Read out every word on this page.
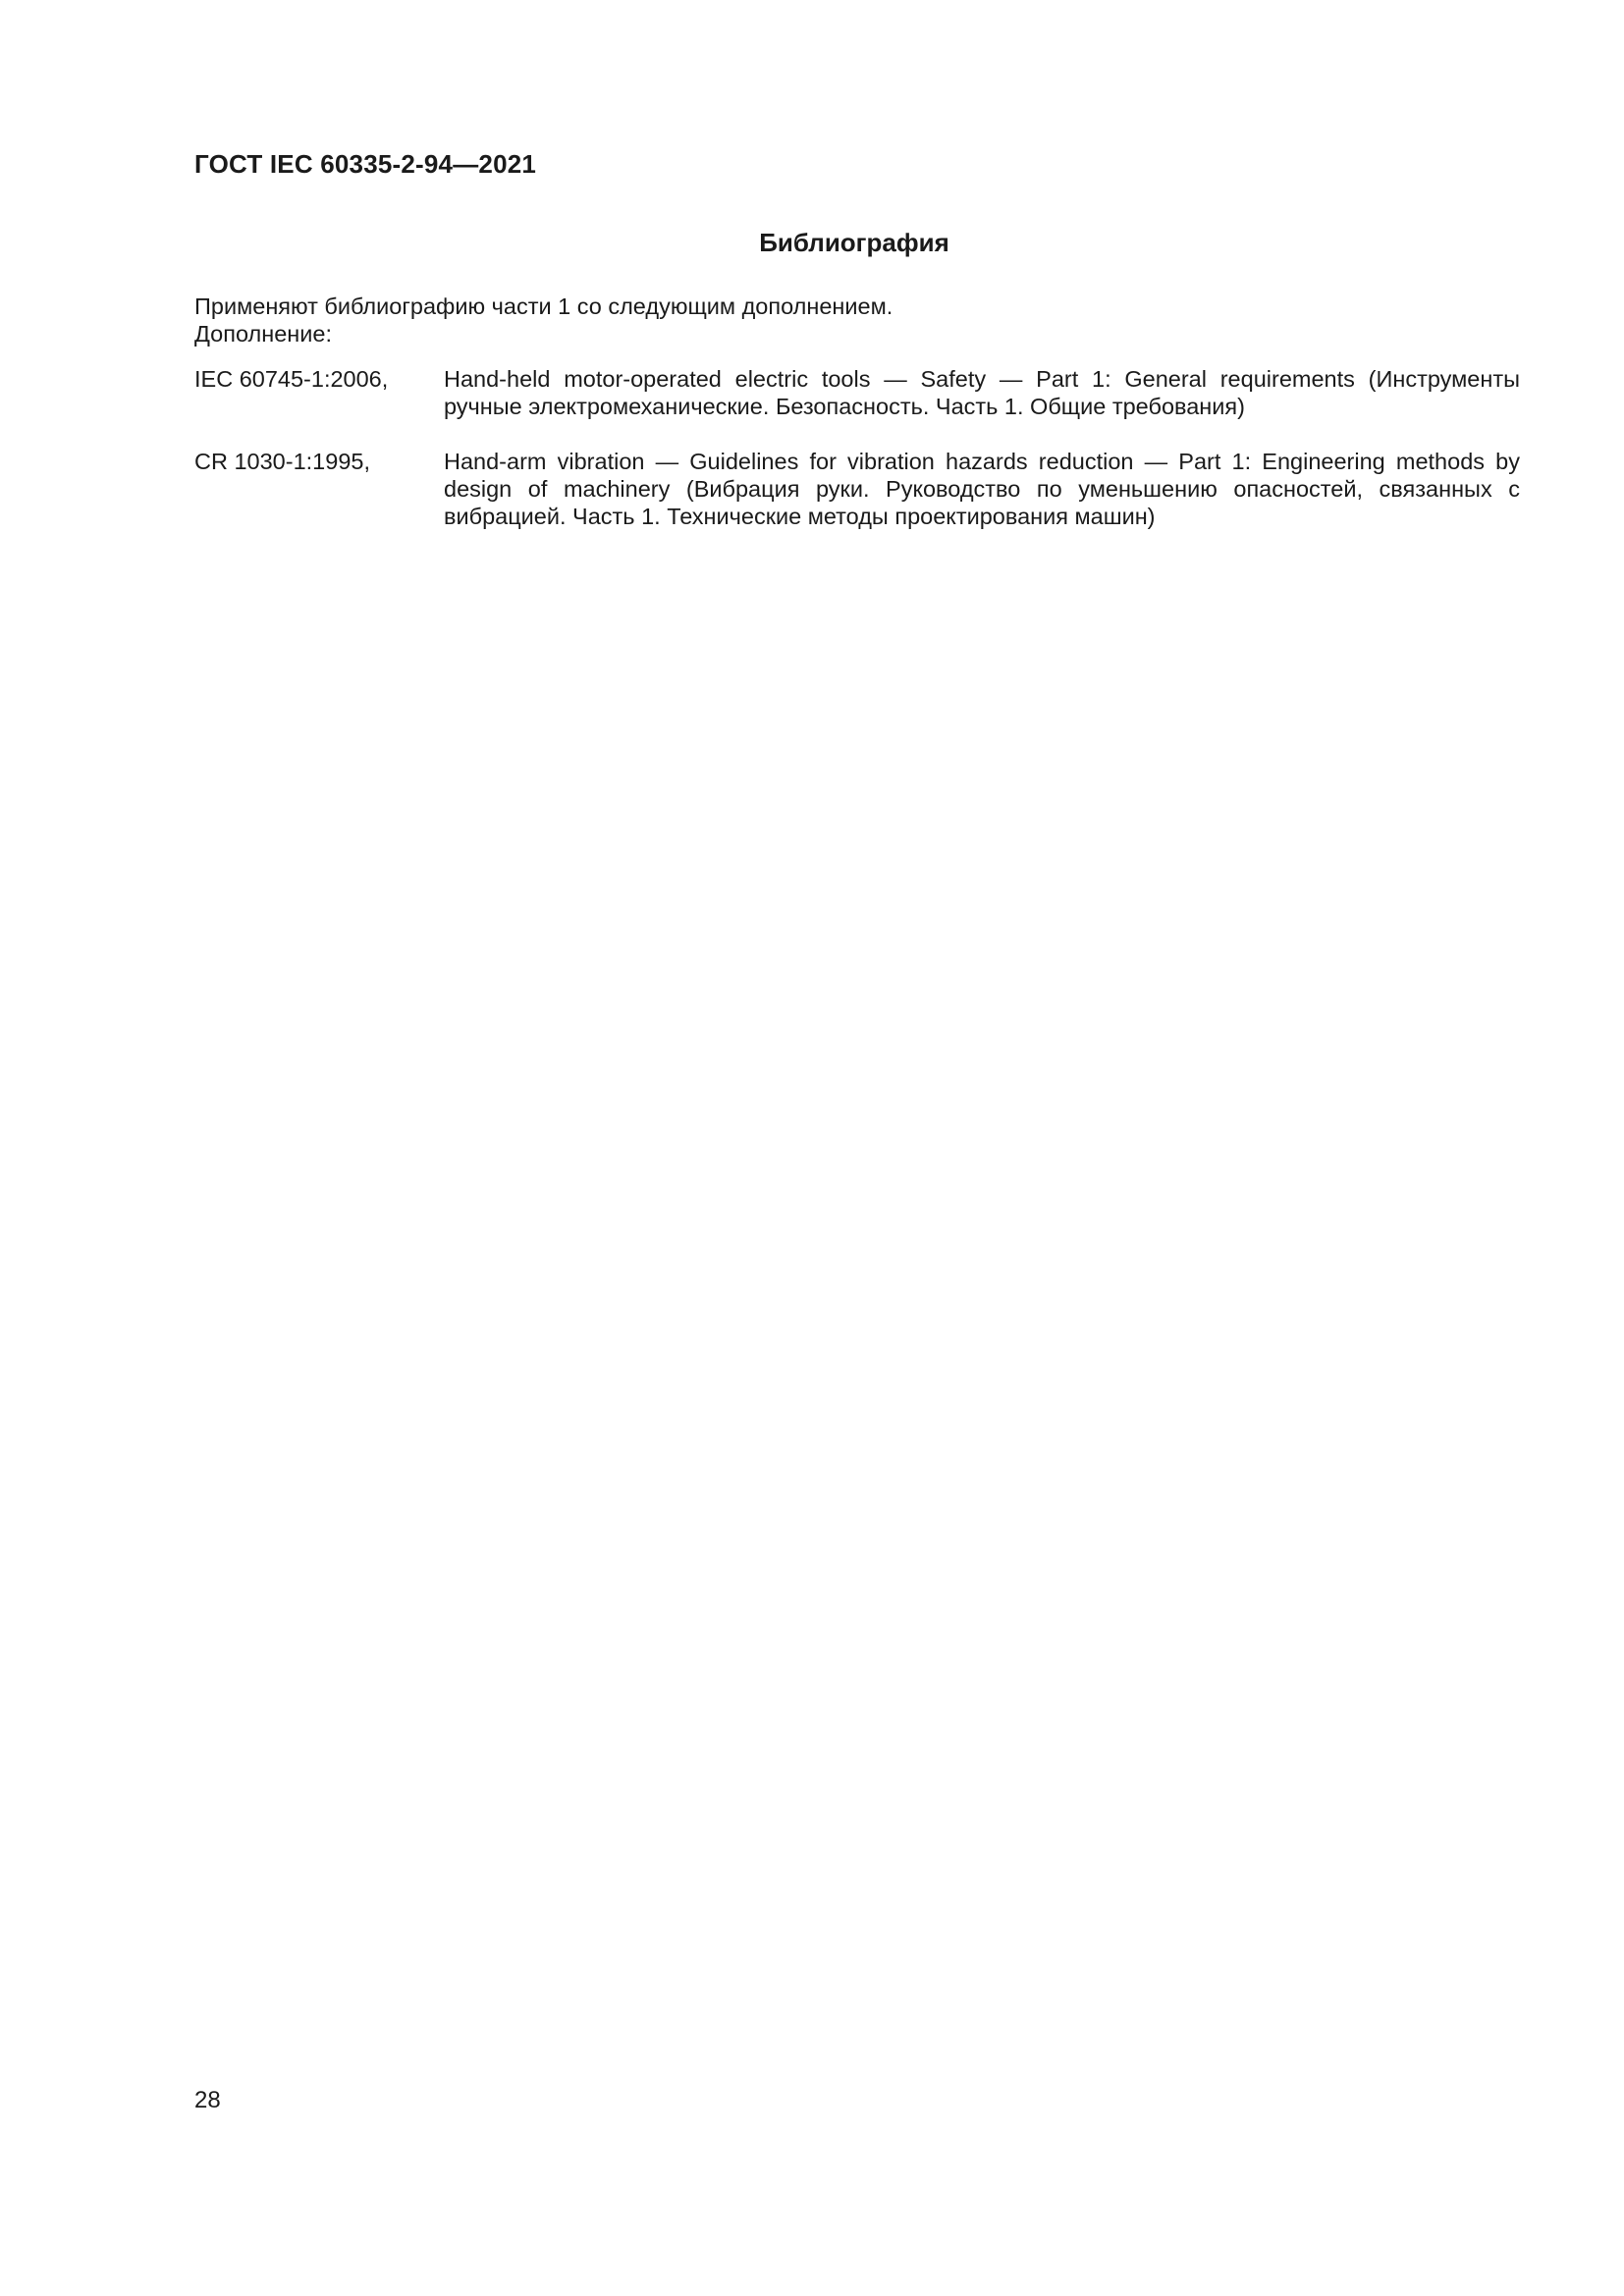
ГОСТ IEC 60335-2-94—2021
Библиография
Применяют библиографию части 1 со следующим дополнением.
Дополнение:
IEC 60745-1:2006,	Hand-held motor-operated electric tools — Safety — Part 1: General requirements (Инструменты ручные электромеханические. Безопасность. Часть 1. Общие требования)
CR 1030-1:1995,	Hand-arm vibration — Guidelines for vibration hazards reduction — Part 1: Engineering methods by design of machinery (Вибрация руки. Руководство по уменьшению опасностей, связанных с вибрацией. Часть 1. Технические методы проектирования машин)
28
